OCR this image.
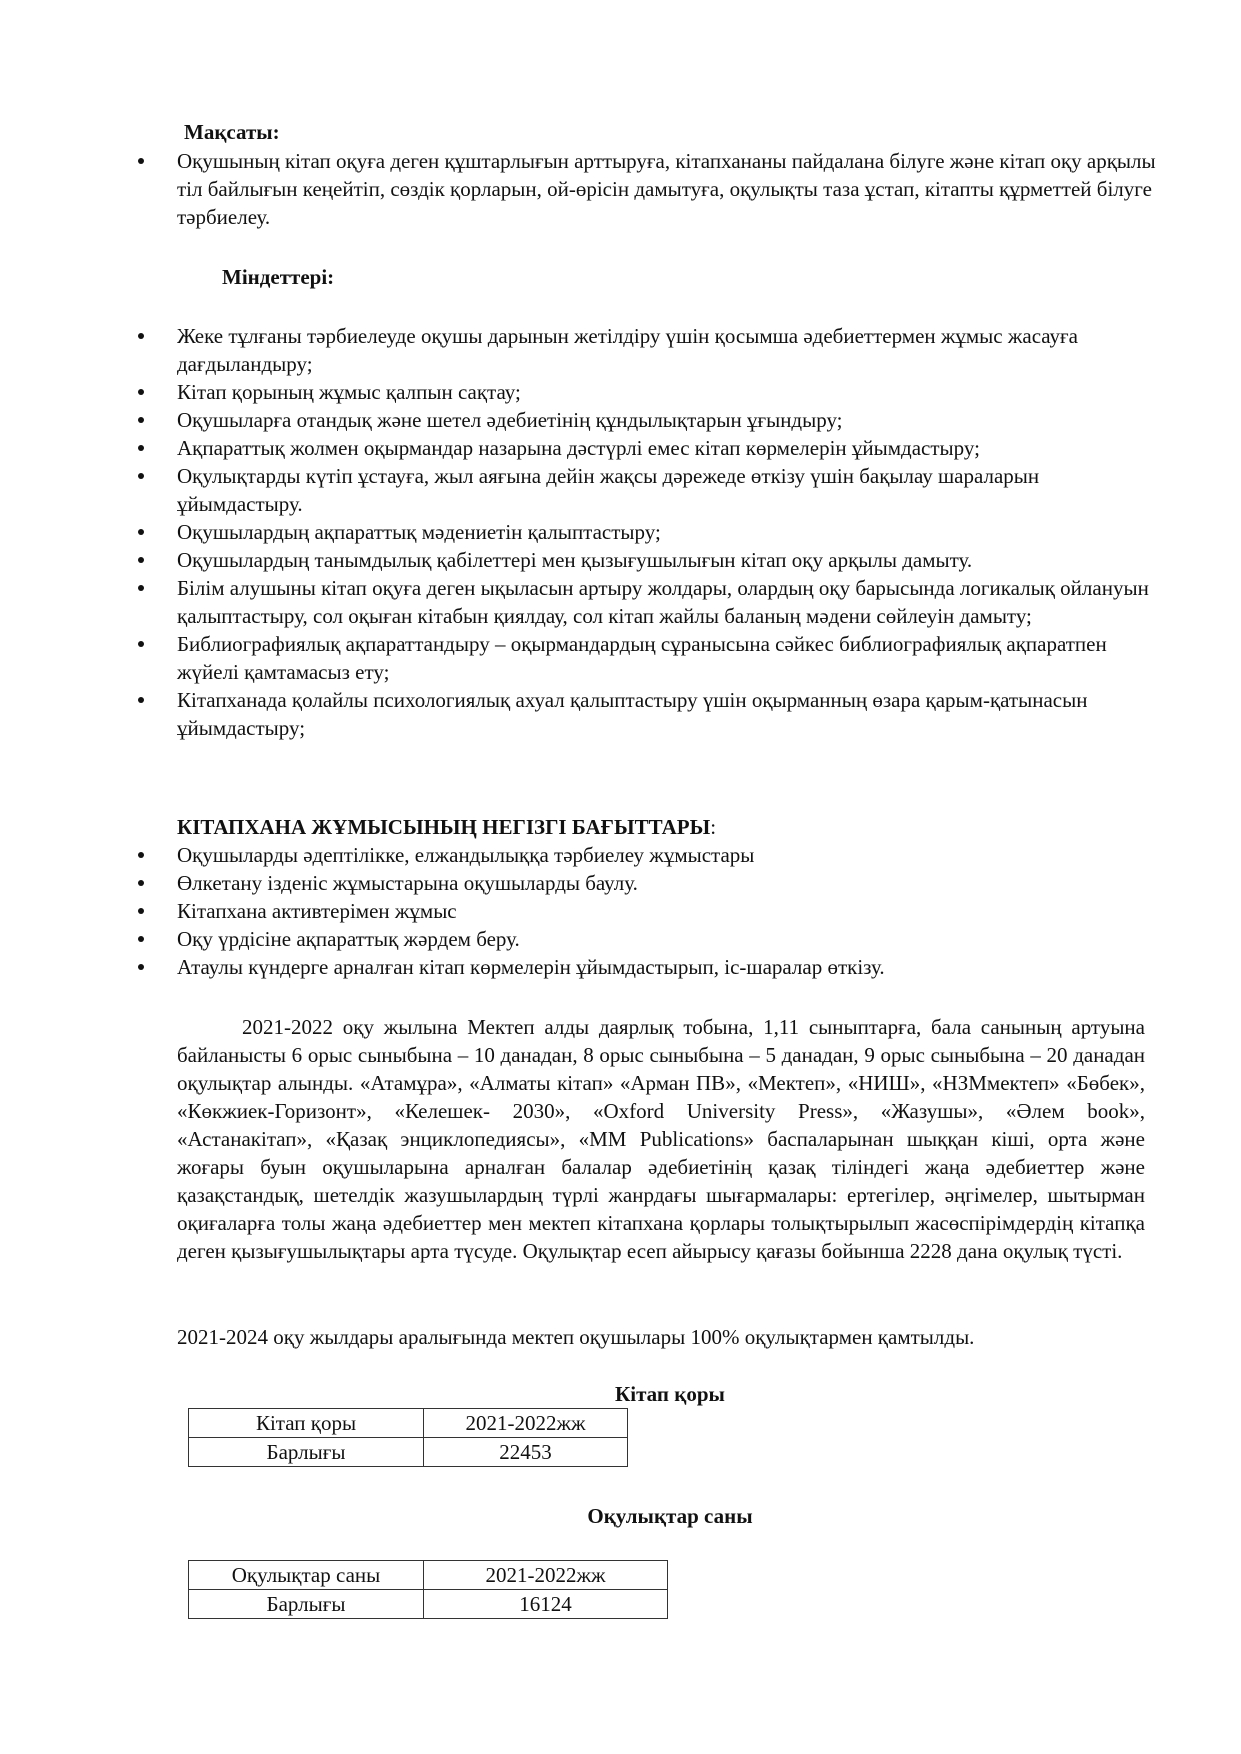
Мақсаты:
Оқушының кітап оқуға деген құштарлығын арттыруға, кітапхананы пайдалана білуге және кітап оқу арқылы тіл байлығын кеңейтіп, сөздік қорларын, ой-өрісін дамытуға, оқулықты таза ұстап, кітапты құрметтей білуге тәрбиелеу.
Міндеттері:
Жеке тұлғаны тәрбиелеуде оқушы дарынын жетілдіру үшін қосымша әдебиеттермен жұмыс жасауға дағдыландыру;
Кітап қорының жұмыс қалпын сақтау;
Оқушыларға отандық және шетел әдебиетінің құндылықтарын ұғындыру;
Ақпараттық жолмен оқырмандар назарына дәстүрлі емес кітап көрмелерін ұйымдастыру;
Оқулықтарды күтіп ұстауға, жыл аяғына дейін жақсы дәрежеде өткізу үшін бақылау шараларын ұйымдастыру.
Оқушылардың ақпараттық мәдениетін қалыптастыру;
Оқушылардың танымдылық қабілеттері мен қызығушылығын кітап оқу арқылы дамыту.
Білім алушыны кітап оқуға деген ықыласын артыру жолдары, олардың оқу барысында логикалық ойлануын қалыптастыру, сол оқыған кітабын қиялдау, сол кітап жайлы баланың мәдени сөйлеуін дамыту;
Библиографиялық ақпараттандыру – оқырмандардың сұранысына сәйкес библиографиялық ақпаратпен жүйелі қамтамасыз ету;
Кітапханада қолайлы психологиялық ахуал қалыптастыру үшін оқырманның өзара қарым-қатынасын ұйымдастыру;
КІТАПХАНА ЖҰМЫСЫНЫҢ НЕГІЗГІ БАҒЫТТАРЫ:
Оқушыларды әдептілікке, елжандылыққа тәрбиелеу жұмыстары
Өлкетану ізденіс жұмыстарына оқушыларды баулу.
Кітапхана активтерімен жұмыс
Оқу үрдісіне ақпараттық жәрдем беру.
Атаулы күндерге арналған кітап көрмелерін ұйымдастырып, іс-шаралар өткізу.
2021-2022 оқу жылына Мектеп алды даярлық тобына, 1,11 сыныптарға, бала санының артуына байланысты 6 орыс сыныбына – 10 данадан, 8 орыс сыныбына – 5 данадан, 9 орыс сыныбына – 20 данадан оқулықтар алынды. «Атамұра», «Алматы кітап» «Арман ПВ», «Мектеп», «НИШ», «НЗМмектеп» «Бөбек», «Көкжиек-Горизонт», «Келешек- 2030», «Oxford University Press», «Жазушы», «Әлем book», «Астанакітап», «Қазақ энциклопедиясы», «MM Publications» баспаларынан шыққан кіші, орта және жоғары буын оқушыларына арналған балалар әдебиетінің қазақ тіліндегі жаңа әдебиеттер және қазақстандық, шетелдік жазушылардың түрлі жанрдағы шығармалары: ертегілер, әңгімелер, шытырман оқиғаларға толы жаңа әдебиеттер мен мектеп кітапхана қорлары толықтырылып жасөспірімдердің кітапқа деген қызығушылықтары арта түсуде. Оқулықтар есеп айырысу қағазы бойынша 2228 дана оқулық түсті.
2021-2024 оқу жылдары аралығында мектеп оқушылары 100% оқулықтармен қамтылды.
Кітап қоры
Кітап қоры	2021-2022жж
Барлығы	22453
Оқулықтар саны
Оқулықтар саны	2021-2022жж
Барлығы	16124
